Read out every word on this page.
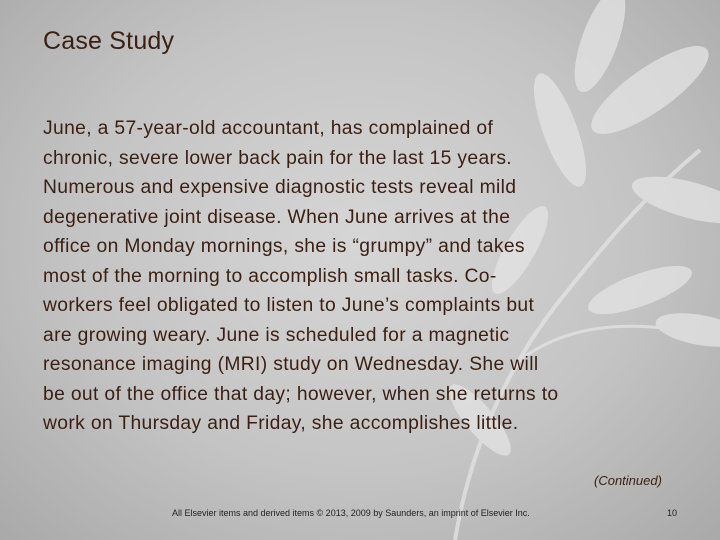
Case Study

June, a 57-year-old accountant, has complained of
chronic, severe lower back pain for the last 15 years.
Numerous and expensive diagnostic tests reveal mild
degenerative joint disease. When June arrives at the
office on Monday mornings, she is “grumpy” and takes
most of the morning to accomplish small tasks. Co-
workers feel obligated to listen to June’s complaints but
are growing weary. June is scheduled for a magnetic
resonance imaging (MRI) study on Wednesday. She will
be out of the office that day; however, when she returns to
work on Thursday and Friday, she accomplishes little.

(Continued)
All Elsevier items and derived items © 2013, 2009 by Saunders, an imprint of Elsevier Inc.	10
